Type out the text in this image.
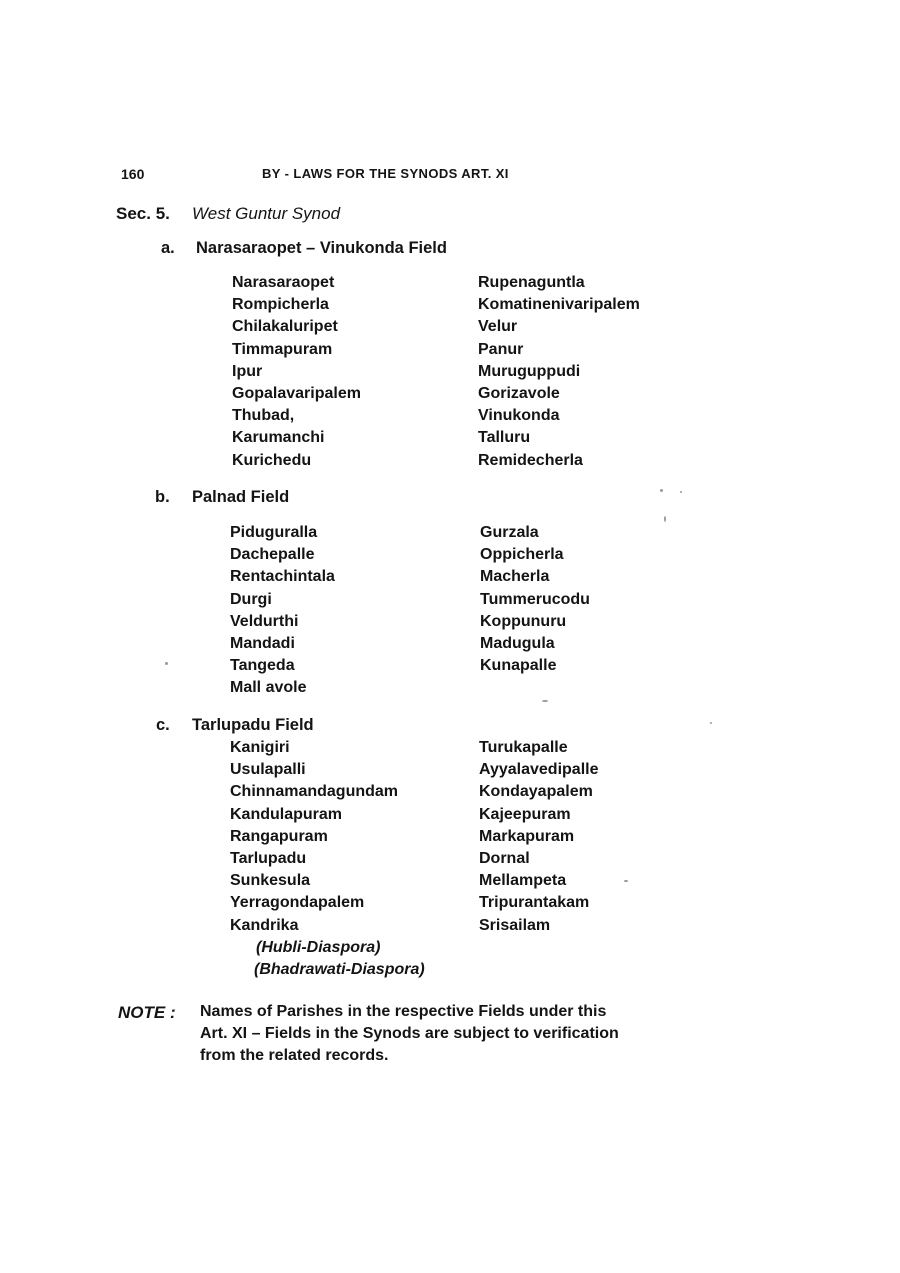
160	BY - LAWS FOR THE SYNODS ART. XI
Sec. 5. West Guntur Synod
a. Narasaraopet – Vinukonda Field
Narasaraopet
Rompicherla
Chilakaluripet
Timmapuram
Ipur
Gopalavaripalem
Thubad,
Karumanchi
Kurichedu
Rupenaguntla
Komatinenivaripalem
Velur
Panur
Muruguppudi
Gorizavole
Vinukonda
Talluru
Remidecherla
b. Palnad Field
Piduguralla
Dachepalle
Rentachintala
Durgi
Veldurthi
Mandadi
Tangeda
Mall avole
Gurzala
Oppicherla
Macherla
Tummerucodu
Koppunuru
Madugula
Kunapalle
c. Tarlupadu Field
Kanigiri
Usulapalli
Chinnamandagundam
Kandulapuram
Rangapuram
Tarlupadu
Sunkesula
Yerragondapalem
Kandrika
(Hubli-Diaspora)
(Bhadrawati-Diaspora)
Turukapalle
Ayyalavedipalle
Kondayapalem
Kajeepuram
Markapuram
Dornal
Mellampeta
Tripurantakam
Srisailam
NOTE : Names of Parishes in the respective Fields under this
Art. XI – Fields in the Synods are subject to verification
from the related records.
